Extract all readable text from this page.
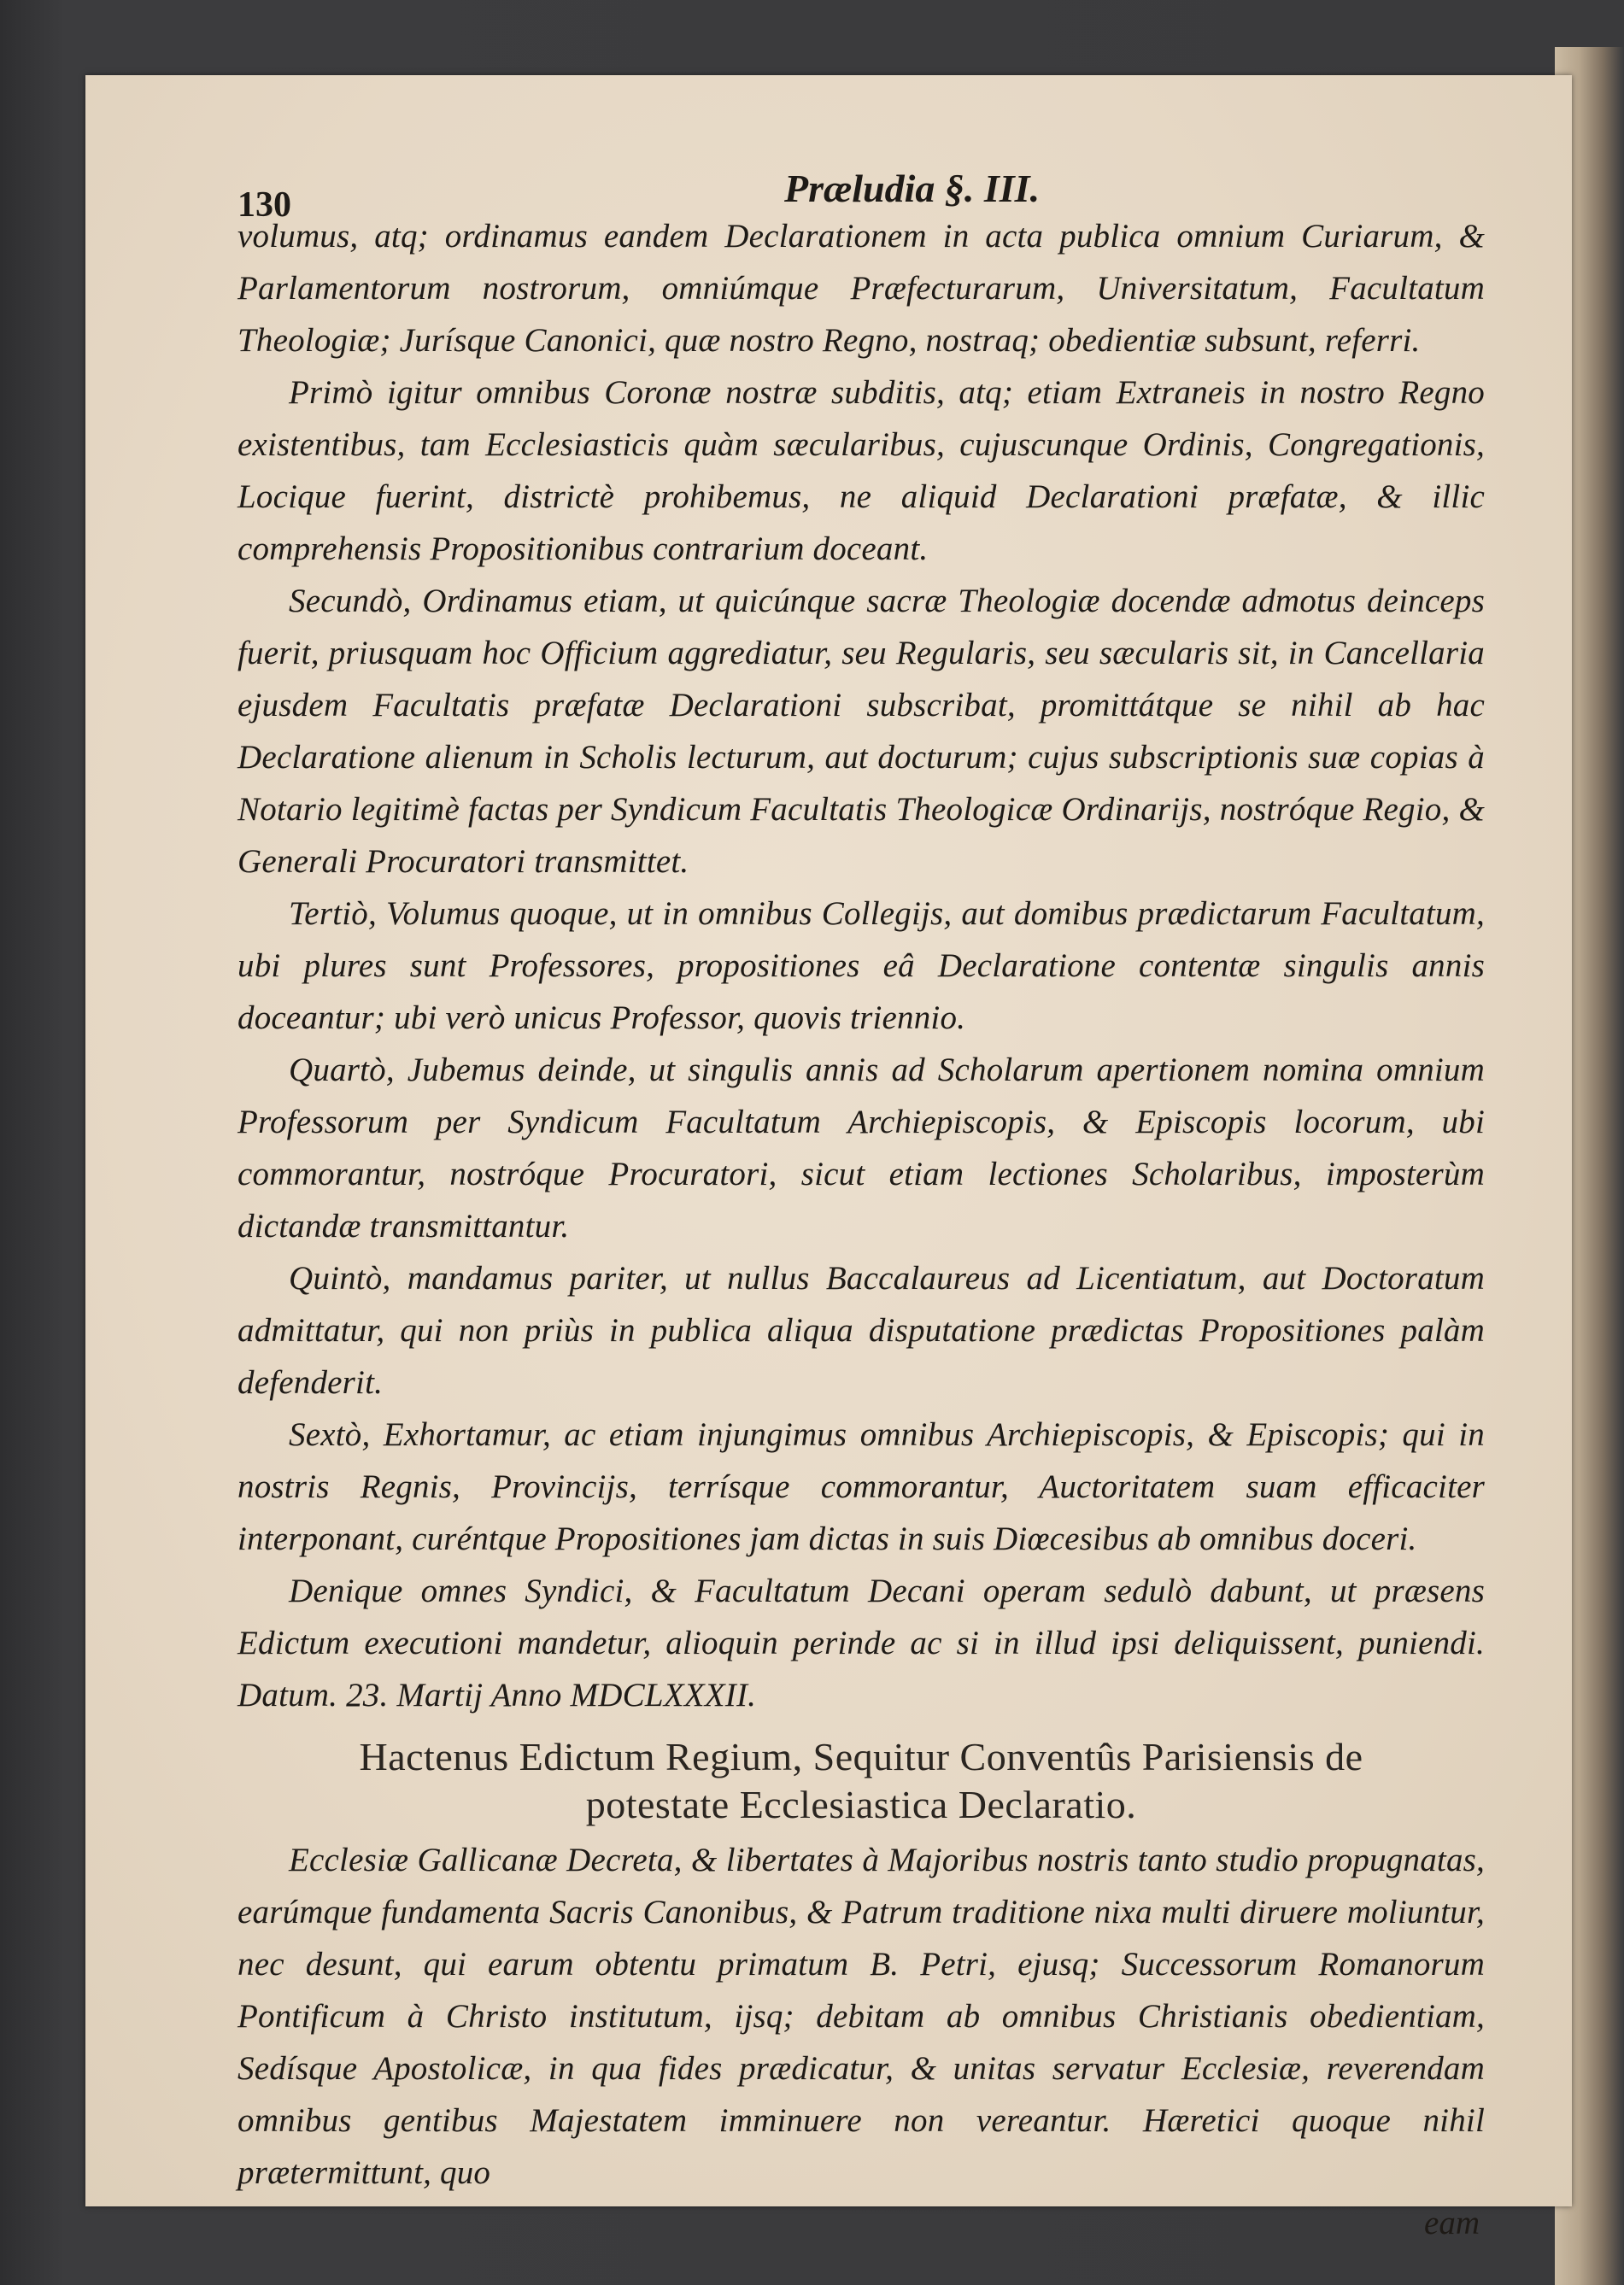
130	Præludia §. III.

volumus, atq; ordinamus eandem Declarationem in acta publica omnium Curiarum, & Parlamentorum nostrorum, omniúmque Præfecturarum, Universitatum, Facultatum Theologiæ; Jurísque Canonici, quæ nostro Regno, nostraq; obedientiæ subsunt, referri.

Primò igitur omnibus Coronæ nostræ subditis, atq; etiam Extraneis in nostro Regno existentibus, tam Ecclesiasticis quàm sæcularibus, cujuscunque Ordinis, Congregationis, Locique fuerint, districtè prohibemus, ne aliquid Declarationi præfatæ, & illic comprehensis Propositionibus contrarium doceant.

Secundò, Ordinamus etiam, ut quicúnque sacræ Theologiæ docendæ admotus deinceps fuerit, priusquam hoc Officium aggrediatur, seu Regularis, seu sæcularis sit, in Cancellaria ejusdem Facultatis præfatæ Declarationi subscribat, promittátque se nihil ab hac Declaratione alienum in Scholis lecturum, aut docturum; cujus subscriptionis suæ copias à Notario legitimè factas per Syndicum Facultatis Theologicæ Ordinarijs, nostróque Regio, & Generali Procuratori transmittet.

Tertiò, Volumus quoque, ut in omnibus Collegijs, aut domibus prædictarum Facultatum, ubi plures sunt Professores, propositiones eâ Declaratione contentæ singulis annis doceantur; ubi verò unicus Professor, quovis triennio.

Quartò, Jubemus deinde, ut singulis annis ad Scholarum apertionem nomina omnium Professorum per Syndicum Facultatum Archiepiscopis, & Episcopis locorum, ubi commorantur, nostróque Procuratori, sicut etiam lectiones Scholaribus, imposterùm dictandæ transmittantur.

Quintò, mandamus pariter, ut nullus Baccalaureus ad Licentiatum, aut Doctoratum admittatur, qui non priùs in publica aliqua disputatione prædictas Propositiones palàm defenderit.

Sextò, Exhortamur, ac etiam injungimus omnibus Archiepiscopis, & Episcopis; qui in nostris Regnis, Provincijs, terrísque commorantur, Auctoritatem suam efficaciter interponant, curéntque Propositiones jam dictas in suis Diœcesibus ab omnibus doceri.

Denique omnes Syndici, & Facultatum Decani operam sedulò dabunt, ut præsens Edictum executioni mandetur, alioquin perinde ac si in illud ipsi deliquissent, puniendi. Datum. 23. Martij Anno MDCLXXXII.

Hactenus Edictum Regium, Sequitur Conventûs Parisiensis de
potestate Ecclesiastica Declaratio.

Ecclesiæ Gallicanæ Decreta, & libertates à Majoribus nostris tanto studio propugnatas, earúmque fundamenta Sacris Canonibus, & Patrum traditione nixa multi diruere moliuntur, nec desunt, qui earum obtentu primatum B. Petri, ejusq; Successorum Romanorum Pontificum à Christo institutum, ijsq; debitam ab omnibus Christianis obedientiam, Sedísque Apostolicæ, in qua fides prædicatur, & unitas servatur Ecclesiæ, reverendam omnibus gentibus Majestatem imminuere non vereantur. Hæretici quoque nihil prætermittunt, quo

eam
